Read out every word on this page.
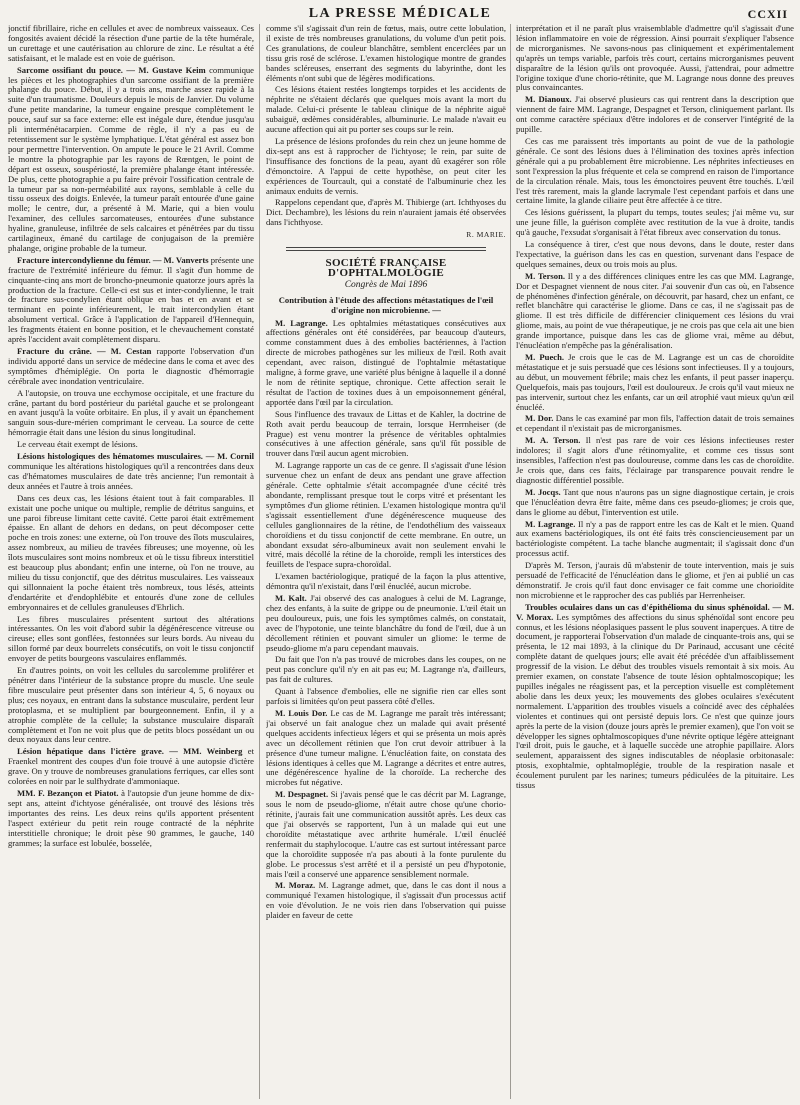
LA PRESSE MÉDICALE	CCXII

jonctif fibrillaire, riche en cellules et avec de nombreux vaisseaux. Ces fongosités avaient décidé la résection d'une partie de la tête humérale, un curettage et une cautérisation au chlorure de zinc. Le résultat a été satisfaisant, et le malade est en voie de guérison.

Sarcome ossifiant du pouce. — M. Gustave Keim communique les pièces et les photographies d'un sarcome ossifiant de la première phalange du pouce. Début, il y a trois ans, marche assez rapide à la suite d'un traumatisme. Douleurs depuis le mois de Janvier. Du volume d'une petite mandarine, la tumeur engaine presque complètement le pouce, sauf sur sa face externe: elle est inégale dure, étendue jusqu'au pli interménétacarpien. Comme de règle, il n'y a pas eu de retentissement sur le système lymphatique. L'état général est assez bon pour permettre l'intervention. On ampute le pouce le 21 Avril. Comme le montre la photographie par les rayons de Rœntgen, le point de départ est osseux, souspériosté, la première phalange étant intéressée. De plus, cette photographie a pu faire prévoir l'ossification centrale de la tumeur par sa non-perméabilité aux rayons, semblable à celle du tissu osseux des doigts. Enlevée, la tumeur paraît entourée d'une gaine molle; le centre, dur, a présenté à M. Marie, qui a bien voulu l'examiner, des cellules sarcomateuses, entourées d'une substance hyaline, granuleuse, infiltrée de sels calcaires et pénétrées par du tissu cartilagineux, émané du cartilage de conjugaison de la première phalange, origine probable de la tumeur.

Fracture intercondylienne du fémur. — M. Vanverts présente une fracture de l'extrémité inférieure du fémur. Il s'agit d'un homme de cinquante-cinq ans mort de broncho-pneumonie quatorze jours après la production de la fracture. Celle-ci est sus et inter-condylienne, le trait de fracture sus-condylien étant oblique en bas et en avant et se terminant en pointe inférieurement, le trait intercondylien étant absolument vertical. Grâce à l'application de l'appareil d'Hennequin, les fragments étaient en bonne position, et le chevauchement constaté après l'accident avait complètement disparu.

Fracture du crâne. — M. Cestan rapporte l'observation d'un individu apporté dans un service de médecine dans le coma et avec des symptômes d'hémiplégie. On porta le diagnostic d'hémorragie cérébrale avec inondation ventriculaire.

A l'autopsie, on trouva une ecchymose occipitale, et une fracture du crâne, partant du bord postérieur du pariétal gauche et se prolongeant en avant jusqu'à la voûte orbitaire. En plus, il y avait un épanchement sanguin sous-dure-mérien comprimant le cerveau. La source de cette hémorragie était dans une lésion du sinus longitudinal.

Le cerveau était exempt de lésions.

Lésions histologiques des hématomes musculaires. — M. Cornil communique les altérations histologiques qu'il a rencontrées dans deux cas d'hématomes musculaires de date très ancienne; l'un remontait à deux années et l'autre à trois années.

Dans ces deux cas, les lésions étaient tout à fait comparables. Il existait une poche unique ou multiple, remplie de détritus sanguins, et une paroi fibreuse limitant cette cavité. Cette paroi était extrêmement épaisse. En allant de dehors en dedans, on peut décomposer cette poche en trois zones: une externe, où l'on trouve des îlots musculaires, assez nombreux, au milieu de travées fibreuses; une moyenne, où les îlots musculaires sont moins nombreux et où le tissu fibreux interstitiel est beaucoup plus abondant; enfin une interne, où l'on ne trouve, au milieu du tissu conjonctif, que des détritus musculaires. Les vaisseaux qui sillonnaient la poche étaient très nombreux, tous lésés, atteints d'endartérite et d'endophlébite et entourés d'une zone de cellules embryonnaires et de cellules granuleuses d'Ehrlich.

Les fibres musculaires présentent surtout des altérations intéressantes. On les voit d'abord subir la dégénérescence vitreuse ou cireuse; elles sont gonflées, festonnées sur leurs bords. Au niveau du sillon formé par deux bourrelets consécutifs, on voit le tissu conjonctif envoyer de petits bourgeons vasculaires enflammés.

En d'autres points, on voit les cellules du sarcolemme proliférer et pénétrer dans l'intérieur de la substance propre du muscle. Une seule fibre musculaire peut présenter dans son intérieur 4, 5, 6 noyaux ou plus; ces noyaux, en entrant dans la substance musculaire, perdent leur protoplasma, et se multiplient par bourgeonnement. Enfin, il y a atrophie complète de la cellule; la substance musculaire disparaît complètement et l'on ne voit plus que de petits blocs possédant un ou deux noyaux dans leur centre.

Lésion hépatique dans l'ictère grave. — MM. Weinberg et Fraenkel montrent des coupes d'un foie trouvé à une autopsie d'ictère grave. On y trouve de nombreuses granulations ferriques, car elles sont colorées en noir par le sulfhydrate d'ammoniaque.

MM. F. Bezançon et Piatot. à l'autopsie d'un jeune homme de dix-sept ans, atteint d'ichtyose généralisée, ont trouvé des lésions très importantes des reins. Les deux reins qu'ils apportent présentent l'aspect extérieur du petit rein rouge contracté de la néphrite interstitielle chronique; le droit pèse 90 grammes, le gauche, 140 grammes; la surface est lobulée, bosselée,

comme s'il s'agissait d'un rein de fœtus, mais, outre cette lobulation, il existe de très nombreuses granulations, du volume d'un petit pois. Ces granulations, de couleur blanchâtre, semblent encerclées par un tissu gris rosé de sclérose. L'examen histologique montre de grandes bandes scléreuses, enserrant des segments du labyrinthe, dont les éléments n'ont subi que de légères modifications.

Ces lésions étaient restées longtemps torpides et les accidents de néphrite ne s'étaient déclarés que quelques mois avant la mort du malade. Celui-ci présente le tableau clinique de la néphrite aiguë subaiguë, œdèmes considérables, albuminurie. Le malade n'avait eu aucune affection qui ait pu porter ses coups sur le rein.

La présence de lésions profondes du rein chez un jeune homme de dix-sept ans est à rapprocher de l'ichtyose; le rein, par suite de l'insuffisance des fonctions de la peau, ayant dû exagérer son rôle d'émonctoire. A l'appui de cette hypothèse, on peut citer les expériences de Tourcault, qui a constaté de l'albuminurie chez les animaux enduits de vernis.

Rappelons cependant que, d'après M. Thibierge (art. Ichthyoses du Dict. Dechambre), les lésions du rein n'auraient jamais été observées dans l'ichthyose.

R. MARIE.

SOCIÉTÉ FRANÇAISE D'OPHTALMOLOGIE
Congrès de Mai 1896

Contribution à l'étude des affections métastatiques de l'œil d'origine non microbienne. —

M. Lagrange. Les ophtalmies métastatiques consécutives aux affections générales ont été considérées, par beaucoup d'auteurs, comme constamment dues à des embolies bactériennes, à l'action directe de microbes pathogènes sur les milieux de l'œil. Roth avait cependant, avec raison, distingué de l'ophtalmie métastatique maligne, à forme grave, une variété plus bénigne à laquelle il a donné le nom de rétinite septique, chronique. Cette affection serait le résultat de l'action de toxines dues à un empoisonnement général, apportée dans l'œil par la circulation.

Sous l'influence des travaux de Littas et de Kahler, la doctrine de Roth avait perdu beaucoup de terrain, lorsque Herrnheiser (de Prague) est venu montrer la présence de véritables ophtalmies consécutives à une affection générale, sans qu'il fût possible de trouver dans l'œil aucun agent microbien.

M. Lagrange rapporte un cas de ce genre. Il s'agissait d'une lésion survenue chez un enfant de deux ans pendant une grave affection générale. Cette ophtalmie s'était accompagnée d'une cécité très abondante, remplissant presque tout le corps vitré et présentant les symptômes d'un gliome rétinien. L'examen histologique montra qu'il s'agissait essentiellement d'une dégénérescence muqueuse des cellules ganglionnaires de la rétine, de l'endothélium des vaisseaux choroïdiens et du tissu conjonctif de cette membrane. En outre, un abondant exsudat séro-albumineux avait non seulement envahi le vitré, mais décollé la rétine de la choroïde, rempli les interstices des feuillets de l'espace supra-choroïdal.

L'examen bactériologique, pratiqué de la façon la plus attentive, démontra qu'il n'existait, dans l'œil énucléé, aucun microbe.

M. Kalt. J'ai observé des cas analogues à celui de M. Lagrange, chez des enfants, à la suite de grippe ou de pneumonie. L'œil était un peu douloureux, puis, une fois les symptômes calmés, on constatait, avec de l'hypotonie, une teinte blanchâtre du fond de l'œil, due à un décollement rétinien et pouvant simuler un gliome: le terme de pseudo-gliome m'a paru cependant mauvais.

Du fait que l'on n'a pas trouvé de microbes dans les coupes, on ne peut pas conclure qu'il n'y en ait pas eu; M. Lagrange n'a, d'ailleurs, pas fait de cultures.

Quant à l'absence d'embolies, elle ne signifie rien car elles sont parfois si limitées qu'on peut passera côté d'elles.

M. Louis Dor. Le cas de M. Lagrange me paraît très intéressant; j'ai observé un fait analogue chez un malade qui avait présenté quelques accidents infectieux légers et qui se présenta un mois après avec un décollement rétinien que l'on crut devoir attribuer à la présence d'une tumeur maligne. L'énucléation faite, on constata des lésions identiques à celles que M. Lagrange a décrites et entre autres, une dégénérescence hyaline de la choroïde. La recherche des microbes fut négative.

M. Despagnet. Si j'avais pensé que le cas décrit par M. Lagrange, sous le nom de pseudo-gliome, n'était autre chose qu'une chorio-rétinite, j'aurais fait une communication aussitôt après. Les deux cas que j'ai observés se rapportent, l'un à un malade qui eut une choroïdite métastatique avec arthrite humérale. L'œil énucléé renfermait du staphylocoque. L'autre cas est surtout intéressant parce que la choroïdite supposée n'a pas abouti à la fonte purulente du globe. Le processus s'est arrêté et il a persisté un peu d'hypotonie, mais l'œil a conservé une apparence sensiblement normale.

M. Moraz. M. Lagrange admet, que, dans le cas dont il nous a communiqué l'examen histologique, il s'agissait d'un processus actif en voie d'évolution. Je ne vois rien dans l'observation qui puisse plaider en faveur de cette

interprétation et il ne paraît plus vraisemblable d'admettre qu'il s'agissait d'une lésion inflammatoire en voie de régression. Ainsi pourrait s'expliquer l'absence de microrganismes. Ne savons-nous pas cliniquement et expérimentalement qu'après un temps variable, parfois très court, certains microrganismes peuvent disparaître de la lésion qu'ils ont provoquée. Aussi, j'attendrai, pour admettre l'origine toxique d'une chorio-rétinite, que M. Lagrange nous donne des preuves plus convaincantes.

M. Dianoux. J'ai observé plusieurs cas qui rentrent dans la description que viennent de faire MM. Lagrange, Despagnet et Terson, cliniquement parlant. Ils ont comme caractère spéciaux d'être indolores et de conserver l'intégrité de la pupille.

Ces cas me paraissent très importants au point de vue de la pathologie générale. Ce sont des lésions dues à l'élimination des toxines après infection générale qui a pu probablement être microbienne. Les néphrites infectieuses en sont l'expression la plus fréquente et cela se comprend en raison de l'importance de la circulation rénale. Mais, tous les émonctoires peuvent être touchés. L'œil l'est très rarement, mais la glande lacrymale l'est cependant parfois et dans une certaine limite, la glande ciliaire peut être affectée à ce titre.

Ces lésions guérissent, la plupart du temps, toutes seules; j'ai même vu, sur une jeune fille, la guérison complète avec restitution de la vue à droite, tandis qu'à gauche, l'exsudat s'organisait à l'état fibreux avec conservation du tonus.

La conséquence à tirer, c'est que nous devons, dans le doute, rester dans l'expectative, la guérison dans les cas en question, survenant dans l'espace de quelques semaines, deux ou trois mois au plus.

M. Terson. Il y a des différences cliniques entre les cas que MM. Lagrange, Dor et Despagnet viennent de nous citer. J'ai souvenir d'un cas où, en l'absence de phénomènes d'infection générale, on découvrit, par hasard, chez un enfant, ce reflet blanchâtre qui caractérise le gliome. Dans ce cas, il ne s'agissait pas de gliome. Il est très difficile de différencier cliniquement ces lésions du vrai gliome, mais, au point de vue thérapeutique, je ne crois pas que cela ait une bien grande importance, puisque dans les cas de gliome vrai, même au début, l'énucléation n'empêche pas la généralisation.

M. Puech. Je crois que le cas de M. Lagrange est un cas de choroïdite métastatique et je suis persuadé que ces lésions sont infectieuses. Il y a toujours, au début, un mouvement fébrile; mais chez les enfants, il peut passer inaperçu. Quelquefois, mais pas toujours, l'œil est douloureux. Je crois qu'il vaut mieux ne pas intervenir, surtout chez les enfants, car un œil atrophié vaut mieux qu'un œil énucléé.

M. Dor. Dans le cas examiné par mon fils, l'affection datait de trois semaines et cependant il n'existait pas de microrganismes.

M. A. Terson. Il n'est pas rare de voir ces lésions infectieuses rester indolores; il s'agit alors d'une rétinomyalite, et comme ces tissus sont insensibles, l'affection n'est pas douloureuse, comme dans les cas de choroïdite. Je crois que, dans ces faits, l'éclairage par transparence pouvait rendre le diagnostic différentiel possible.

M. Jocqs. Tant que nous n'aurons pas un signe diagnostique certain, je crois que l'énucléation devra être faite, même dans ces pseudo-gliomes; je crois que, dans le gliome au début, l'intervention est utile.

M. Lagrange. Il n'y a pas de rapport entre les cas de Kalt et le mien. Quand aux examens bactériologiques, ils ont été faits très consciencieusement par un bactériologiste compétent. La tache blanche augmentait; il s'agissait donc d'un processus actif.

D'après M. Terson, j'aurais dû m'abstenir de toute intervention, mais je suis persuadé de l'efficacité de l'énucléation dans le gliome, et j'en ai publié un cas démonstratif. Je crois qu'il faut donc envisager ce fait comme une chorioïdite non microbienne et le rapprocher des cas publiés par Herrenheiser.

Troubles oculaires dans un cas d'épithélioma du sinus sphénoïdal. — M. V. Morax. Les symptômes des affections du sinus sphénoïdal sont encore peu connus, et les lésions néoplasiques passent le plus souvent inaperçues. A titre de document, je rapporterai l'observation d'un malade de cinquante-trois ans, qui se présenta, le 12 mai 1893, à la clinique du Dr Parinaud, accusant une cécité complète datant de quelques jours; elle avait été précédée d'un affaiblissement progressif de la vision. Le début des troubles visuels remontait à six mois. Au premier examen, on constate l'absence de toute lésion ophtalmoscopique; les pupilles inégales ne réagissent pas, et la perception visuelle est complètement abolie dans les deux yeux; les mouvements des globes oculaires s'exécutent normalement. L'apparition des troubles visuels a coïncidé avec des céphalées violentes et continues qui ont persisté depuis lors. Ce n'est que quinze jours après la perte de la vision (douze jours après le premier examen), que l'on voit se développer les signes ophtalmoscopiques d'une névrite optique légère atteignant l'œil droit, puis le gauche, et à laquelle succède une atrophie papillaire. Alors seulement, apparaissent des signes indiscutables de néoplasie orbitonasale: ptosis, exophtalmie, ophtalmoplégie, trouble de la respiration nasale et écoulement purulent par les narines; tumeurs pédiculées de la pituitaire. Les tissus
